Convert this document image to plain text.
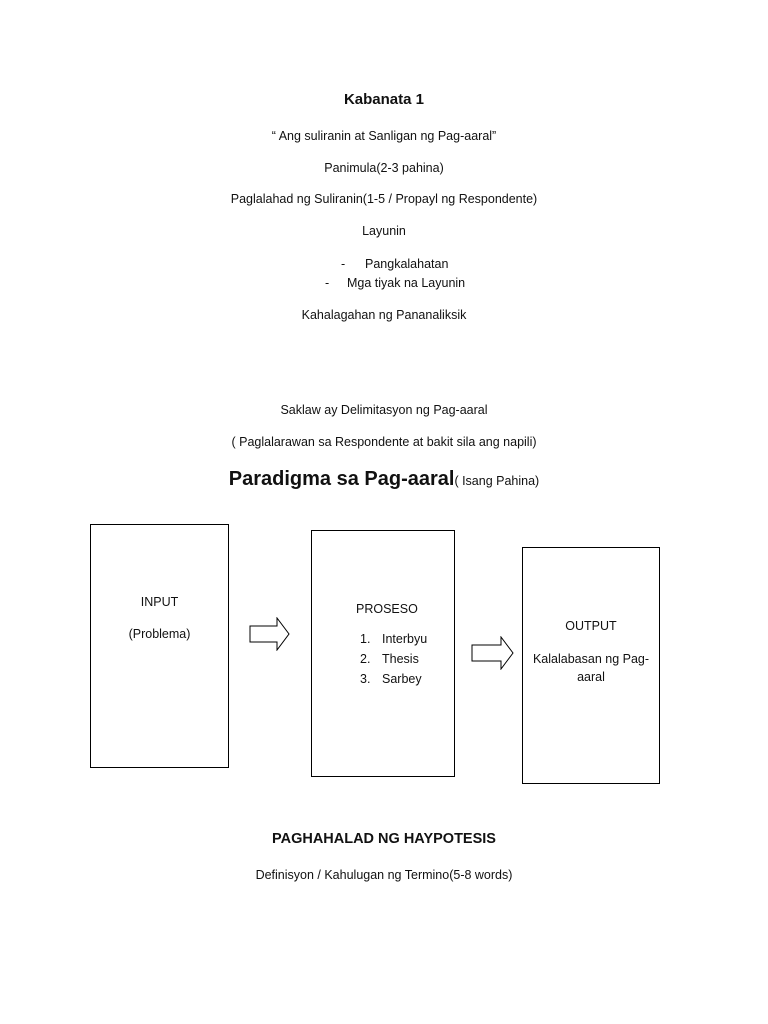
Kabanata 1
“ Ang suliranin at Sanligan ng Pag-aaral”
Panimula(2-3 pahina)
Paglalahad ng Suliranin(1-5 / Propayl ng Respondente)
Layunin
- Pangkalahatan
- Mga tiyak na Layunin
Kahalagahan ng Pananaliksik
Saklaw ay Delimitasyon ng Pag-aaral
( Paglalarawan sa Respondente at bakit sila ang napili)
Paradigma sa Pag-aaral( Isang Pahina)
INPUT
(Problema)
PROSESO
1. Interbyu
2. Thesis
3. Sarbey
OUTPUT
Kalalabasan ng Pag-
aaral
PAGHAHALAD NG HAYPOTESIS
Definisyon / Kahulugan ng Termino(5-8 words)
